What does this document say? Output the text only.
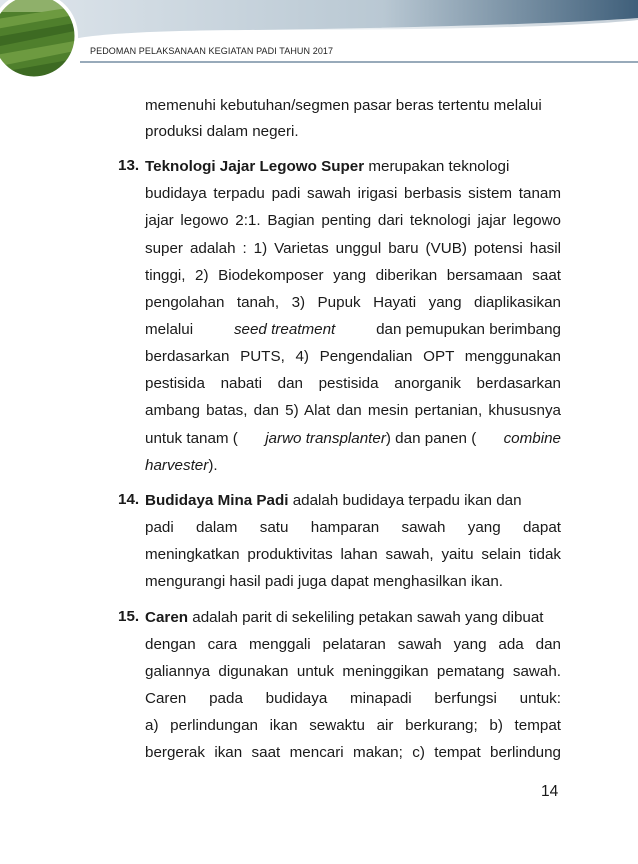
PEDOMAN PELAKSANAAN KEGIATAN PADI TAHUN 2017
memenuhi kebutuhan/segmen pasar beras tertentu melalui
produksi dalam negeri.
13. Teknologi Jajar Legowo Super merupakan teknologi
budidaya terpadu padi sawah irigasi berbasis sistem tanam
jajar legowo 2:1. Bagian penting dari teknologi jajar legowo
super adalah : 1) Varietas unggul baru (VUB) potensi hasil
tinggi, 2) Biodekomposer yang diberikan bersamaan saat
pengolahan tanah, 3) Pupuk Hayati yang diaplikasikan
melalui	seed treatment	dan pemupukan berimbang
berdasarkan PUTS, 4) Pengendalian OPT menggunakan
pestisida nabati dan pestisida anorganik berdasarkan
ambang batas, dan 5) Alat dan mesin pertanian, khususnya
untuk tanam ( jarwo transplanter) dan panen ( combine
harvester).
14. Budidaya Mina Padi adalah budidaya terpadu ikan dan
padi dalam satu hamparan sawah yang dapat
meningkatkan produktivitas lahan sawah, yaitu selain tidak
mengurangi hasil padi juga dapat menghasilkan ikan.
15. Caren adalah parit di sekeliling petakan sawah yang dibuat
dengan cara menggali pelataran sawah yang ada dan
galiannya digunakan untuk meninggikan pematang sawah.
Caren pada budidaya minapadi berfungsi untuk:
a) perlindungan ikan sewaktu air berkurang; b) tempat
bergerak ikan saat mencari makan; c) tempat berlindung
14
